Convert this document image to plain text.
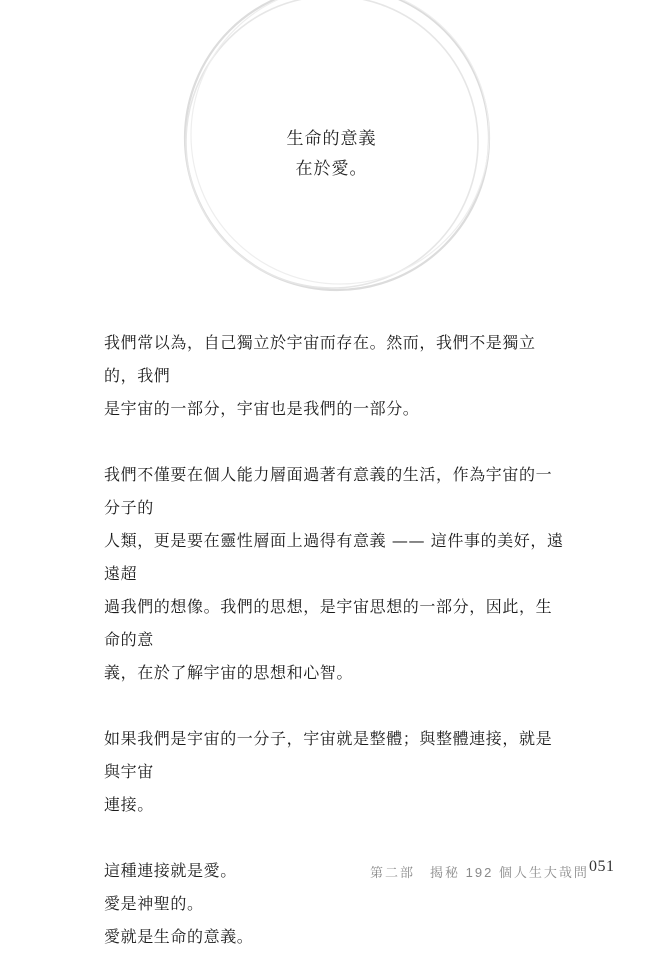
生命的意義
在於愛。

我們常以為，自己獨立於宇宙而存在。然而，我們不是獨立的，我們
是宇宙的一部分，宇宙也是我們的一部分。

我們不僅要在個人能力層面過著有意義的生活，作為宇宙的一分子的
人類，更是要在靈性層面上過得有意義 —— 這件事的美好，遠遠超
過我們的想像。我們的思想，是宇宙思想的一部分，因此，生命的意
義，在於了解宇宙的思想和心智。

如果我們是宇宙的一分子，宇宙就是整體；與整體連接，就是與宇宙
連接。

這種連接就是愛。

愛是神聖的。

愛就是生命的意義。

第二部　揭秘 192 個人生大哉問 051
